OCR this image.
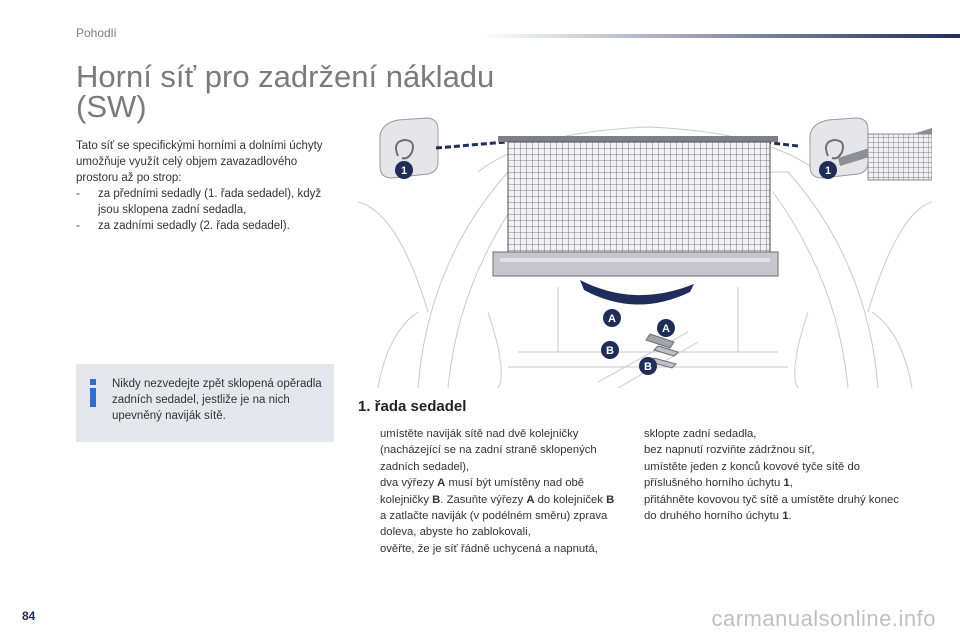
Pohodlí
Horní síť pro zadržení nákladu
(SW)

Tato síť se specifickými horními a dolními úchyty umožňuje využít celý objem zavazadlového prostoru až po strop:

- za předními sedadly (1. řada sedadel), když jsou sklopena zadní sedadla,
- za zadními sedadly (2. řada sedadel).

Nikdy nezvedejte zpět sklopená opěradla zadních sedadel, jestliže je na nich upevněný naviják sítě.

1	1
A
A
B
B
1. řada sedadel
umístěte naviják sítě nad dvě kolejničky (nacházející se na zadní straně sklopených zadních sedadel),
dva výřezy A musí být umístěny nad obě kolejničky B. Zasuňte výřezy A do kolejniček B a zatlačte naviják (v podélném směru) zprava doleva, abyste ho zablokovali,
ověřte, že je síť řádně uchycená a napnutá,
sklopte zadní sedadla,
bez napnutí rozviňte zádržnou síť,
umístěte jeden z konců kovové tyče sítě do příslušného horního úchytu 1,
přitáhněte kovovou tyč sítě a umístěte druhý konec do druhého horního úchytu 1.
84	carmanualsonline.info
